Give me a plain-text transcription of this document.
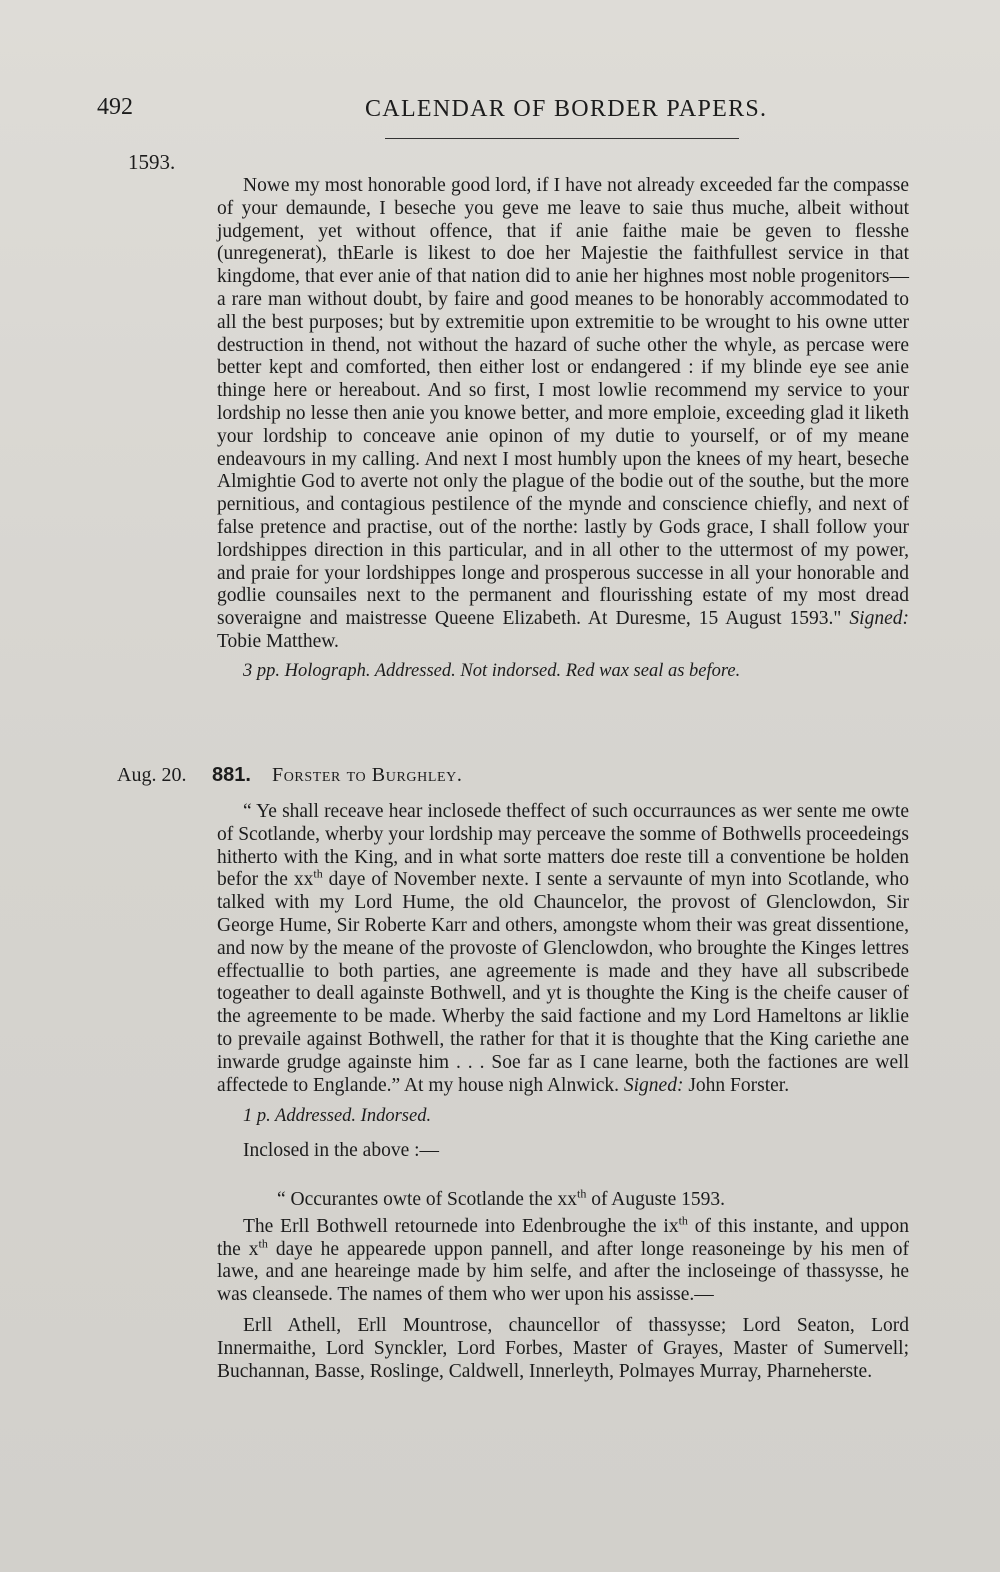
492	CALENDAR OF BORDER PAPERS.
1593.

Nowe my most honorable good lord, if I have not already exceeded far the compasse of your demaunde, I beseche you geve me leave to saie thus muche, albeit without judgement, yet without offence, that if anie faithe maie be geven to flesshe (unregenerat), thEarle is likest to doe her Majestie the faithfullest service in that kingdome, that ever anie of that nation did to anie her highnes most noble progenitors—a rare man without doubt, by faire and good meanes to be honorably accommodated to all the best purposes; but by extremitie upon extremitie to be wrought to his owne utter destruction in thend, not without the hazard of suche other the whyle, as percase were better kept and comforted, then either lost or endangered : if my blinde eye see anie thinge here or hereabout. And so first, I most lowlie recommend my service to your lordship no lesse then anie you knowe better, and more emploie, exceeding glad it liketh your lordship to conceave anie opinon of my dutie to yourself, or of my meane endeavours in my calling. And next I most humbly upon the knees of my heart, beseche Almightie God to averte not only the plague of the bodie out of the southe, but the more pernitious, and contagious pestilence of the mynde and conscience chiefly, and next of false pretence and practise, out of the northe: lastly by Gods grace, I shall follow your lordshippes direction in this particular, and in all other to the uttermost of my power, and praie for your lordshippes longe and prosperous successe in all your honorable and godlie counsailes next to the permanent and flourisshing estate of my most dread soveraigne and maistresse Queene Elizabeth. At Duresme, 15 August 1593." Signed: Tobie Matthew.

3 pp. Holograph. Addressed. Not indorsed. Red wax seal as before.

Aug. 20. 881. Forster to Burghley.

“ Ye shall receave hear inclosede theffect of such occurraunces as wer sente me owte of Scotlande, wherby your lordship may perceave the somme of Bothwells proceedeings hitherto with the King, and in what sorte matters doe reste till a conventione be holden befor the $xx^{th}$ daye of November nexte. I sente a servaunte of myn into Scotlande, who talked with my Lord Hume, the old Chauncelor, the provost of Glenclowdon, Sir George Hume, Sir Roberte Karr and others, amongste whom their was great dissentione, and now by the meane of the provoste of Glenclowdon, who broughte the Kinges lettres effectuallie to both parties, ane agreemente is made and they have all subscribede togeather to deall againste Bothwell, and yt is thoughte the King is the cheife causer of the agreemente to be made. Wherby the said factione and my Lord Hameltons ar liklie to prevaile against Bothwell, the rather for that it is thoughte that the King cariethe ane inwarde grudge againste him . . . Soe far as I cane learne, both the factiones are well affectede to Englande.” At my house nigh Alnwick. Signed: John Forster.

1 p. Addressed. Indorsed.

Inclosed in the above :—

“ Occurantes owte of Scotlande the $xx^{th}$ of Auguste 1593.

The Erll Bothwell retournede into Edenbroughe the $ix^{th}$ of this instante, and uppon the $x^{th}$ daye he appearede uppon pannell, and after longe reasoneinge by his men of lawe, and ane heareinge made by him selfe, and after the incloseinge of thassysse, he was cleansede. The names of them who wer upon his assisse.—

Erll Athell, Erll Mountrose, chauncellor of thassysse; Lord Seaton, Lord Innermaithe, Lord Synckler, Lord Forbes, Master of Grayes, Master of Sumervell; Buchannan, Basse, Roslinge, Caldwell, Innerleyth, Polmayes Murray, Pharneherste.
